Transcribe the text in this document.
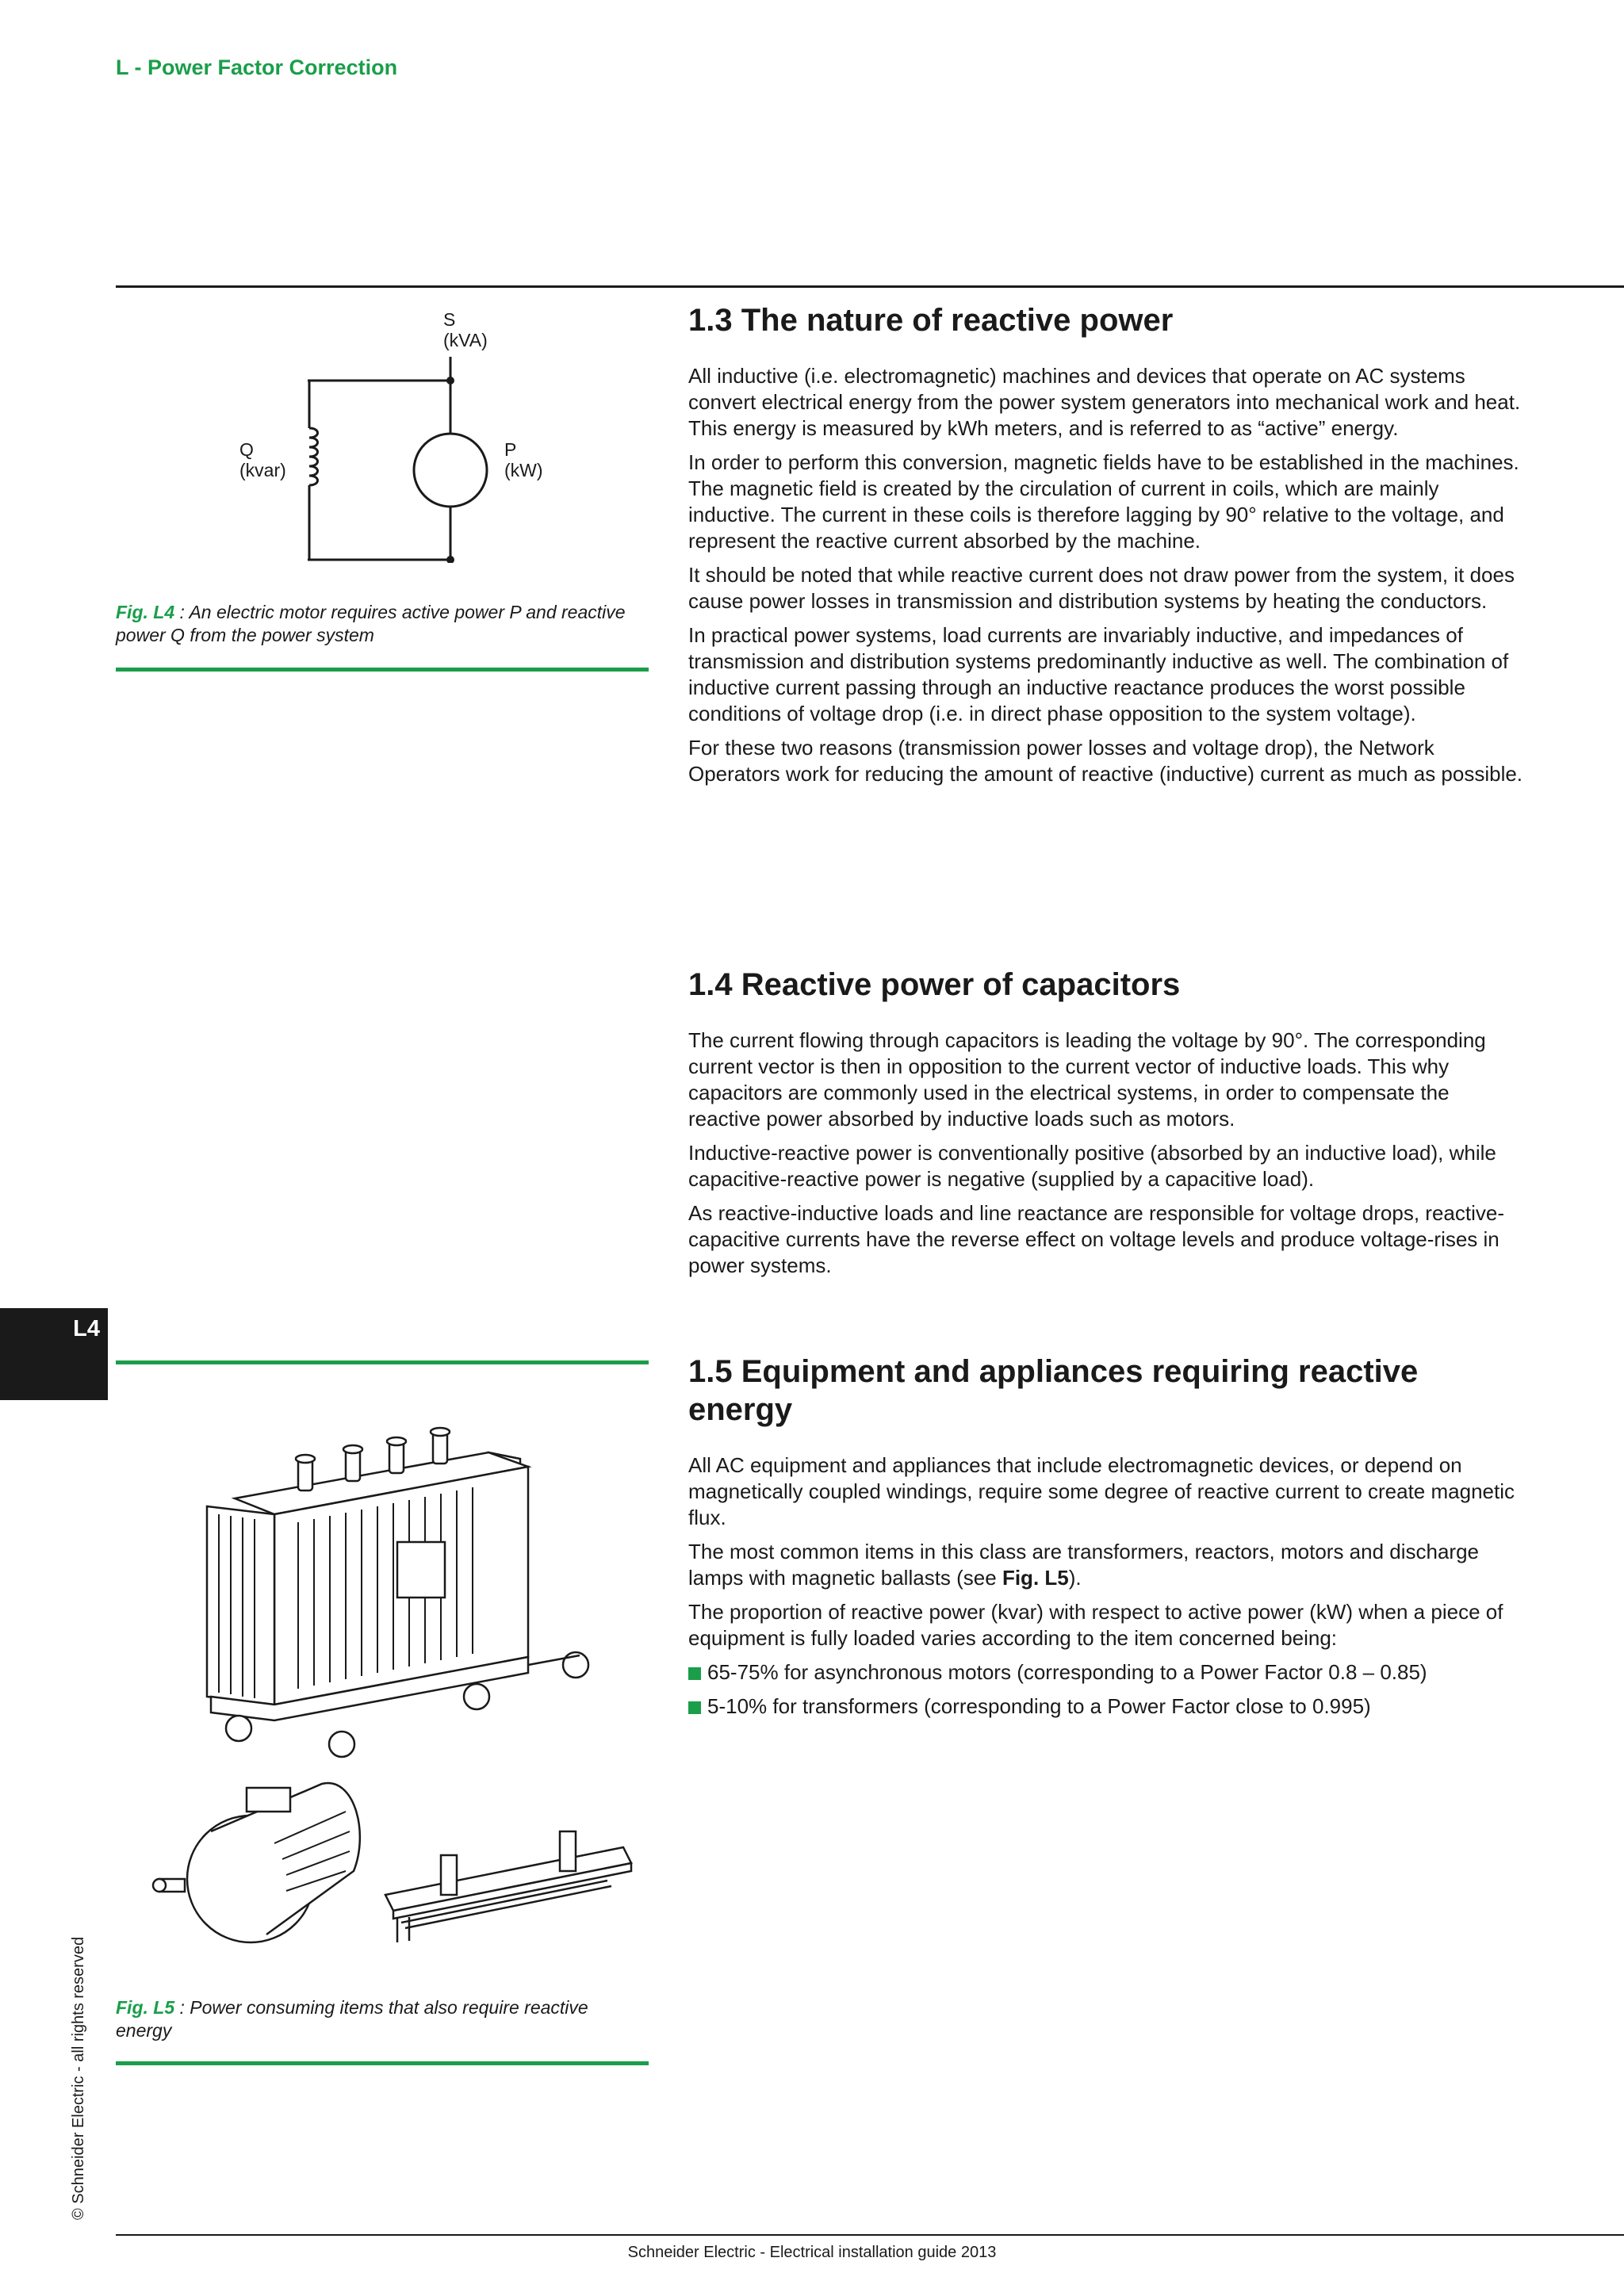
L - Power Factor Correction
S
(kVA)
Q
(kvar)
P
(kW)
Fig. L4 : An electric motor requires active power P and reactive power Q from the power system
1.3 The nature of reactive power
All inductive (i.e. electromagnetic) machines and devices that operate on AC systems convert electrical energy from the power system generators into mechanical work and heat. This energy is measured by kWh meters, and is referred to as “active” energy.
In order to perform this conversion, magnetic fields have to be established in the machines. The magnetic field is created by the circulation of current in coils, which are mainly inductive. The current in these coils is therefore lagging by 90° relative to the voltage, and represent the reactive current absorbed by the machine.
It should be noted that while reactive current does not draw power from the system, it does cause power losses in transmission and distribution systems by heating the conductors.
In practical power systems, load currents are invariably inductive, and impedances of transmission and distribution systems predominantly inductive as well. The combination of inductive current passing through an inductive reactance produces the worst possible conditions of voltage drop (i.e. in direct phase opposition to the system voltage).
For these two reasons (transmission power losses and voltage drop), the Network Operators work for reducing the amount of reactive (inductive) current as much as possible.
1.4 Reactive power of capacitors
The current flowing through capacitors is leading the voltage by 90°. The corresponding current vector is then in opposition to the current vector of inductive loads. This why capacitors are commonly used in the electrical systems, in order to compensate the reactive power absorbed by inductive loads such as motors.
Inductive-reactive power is conventionally positive (absorbed by an inductive load), while capacitive-reactive power is negative (supplied by a capacitive load).
As reactive-inductive loads and line reactance are responsible for voltage drops, reactive-capacitive currents have the reverse effect on voltage levels and produce voltage-rises in power systems.
L4
1.5 Equipment and appliances requiring reactive energy
All AC equipment and appliances that include electromagnetic devices, or depend on magnetically coupled windings, require some degree of reactive current to create magnetic flux.
The most common items in this class are transformers, reactors, motors and discharge lamps with magnetic ballasts (see Fig. L5).
The proportion of reactive power (kvar) with respect to active power (kW) when a piece of equipment is fully loaded varies according to the item concerned being:
65-75% for asynchronous motors (corresponding to a Power Factor 0.8 – 0.85)
5-10% for transformers (corresponding to a Power Factor close to 0.995)
Fig. L5 : Power consuming items that also require reactive energy
© Schneider Electric - all rights reserved
Schneider Electric - Electrical installation guide 2013
